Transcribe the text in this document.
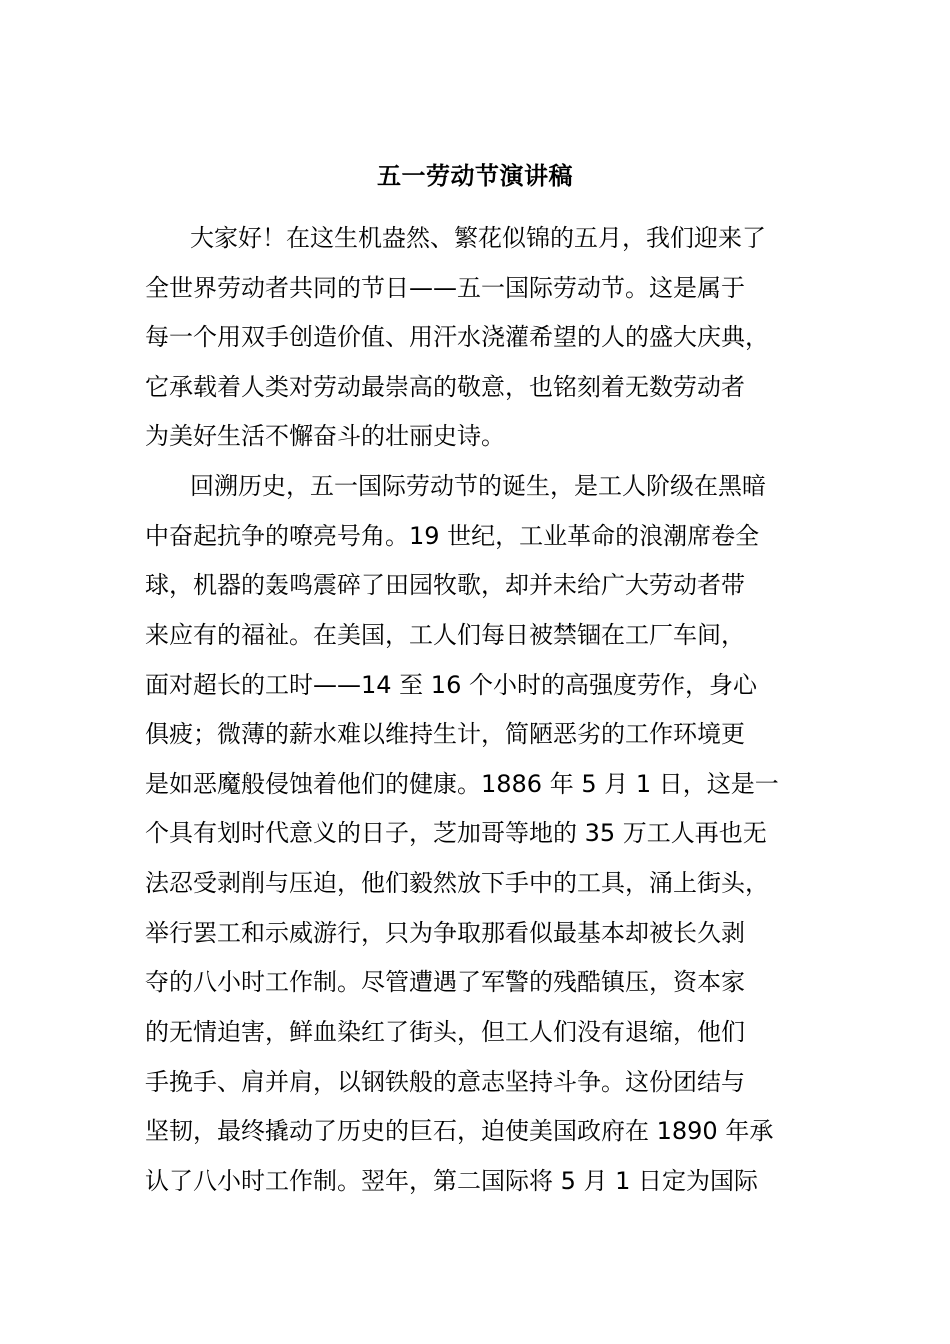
五一劳动节演讲稿

大家好！在这生机盎然、繁花似锦的五月，我们迎来了

全世界劳动者共同的节日——五一国际劳动节。这是属于

每一个用双手创造价值、用汗水浇灌希望的人的盛大庆典，

它承载着人类对劳动最崇高的敬意，也铭刻着无数劳动者

为美好生活不懈奋斗的壮丽史诗。

回溯历史，五一国际劳动节的诞生，是工人阶级在黑暗

中奋起抗争的嘹亮号角。19 世纪，工业革命的浪潮席卷全

球，机器的轰鸣震碎了田园牧歌，却并未给广大劳动者带

来应有的福祉。在美国，工人们每日被禁锢在工厂车间，

面对超长的工时——14 至 16 个小时的高强度劳作，身心

俱疲；微薄的薪水难以维持生计，简陋恶劣的工作环境更

是如恶魔般侵蚀着他们的健康。1886 年 5 月 1 日，这是一

个具有划时代意义的日子，芝加哥等地的 35 万工人再也无

法忍受剥削与压迫，他们毅然放下手中的工具，涌上街头，

举行罢工和示威游行，只为争取那看似最基本却被长久剥

夺的八小时工作制。尽管遭遇了军警的残酷镇压，资本家

的无情迫害，鲜血染红了街头，但工人们没有退缩，他们

手挽手、肩并肩，以钢铁般的意志坚持斗争。这份团结与

坚韧，最终撬动了历史的巨石，迫使美国政府在 1890 年承

认了八小时工作制。翌年，第二国际将 5 月 1 日定为国际
